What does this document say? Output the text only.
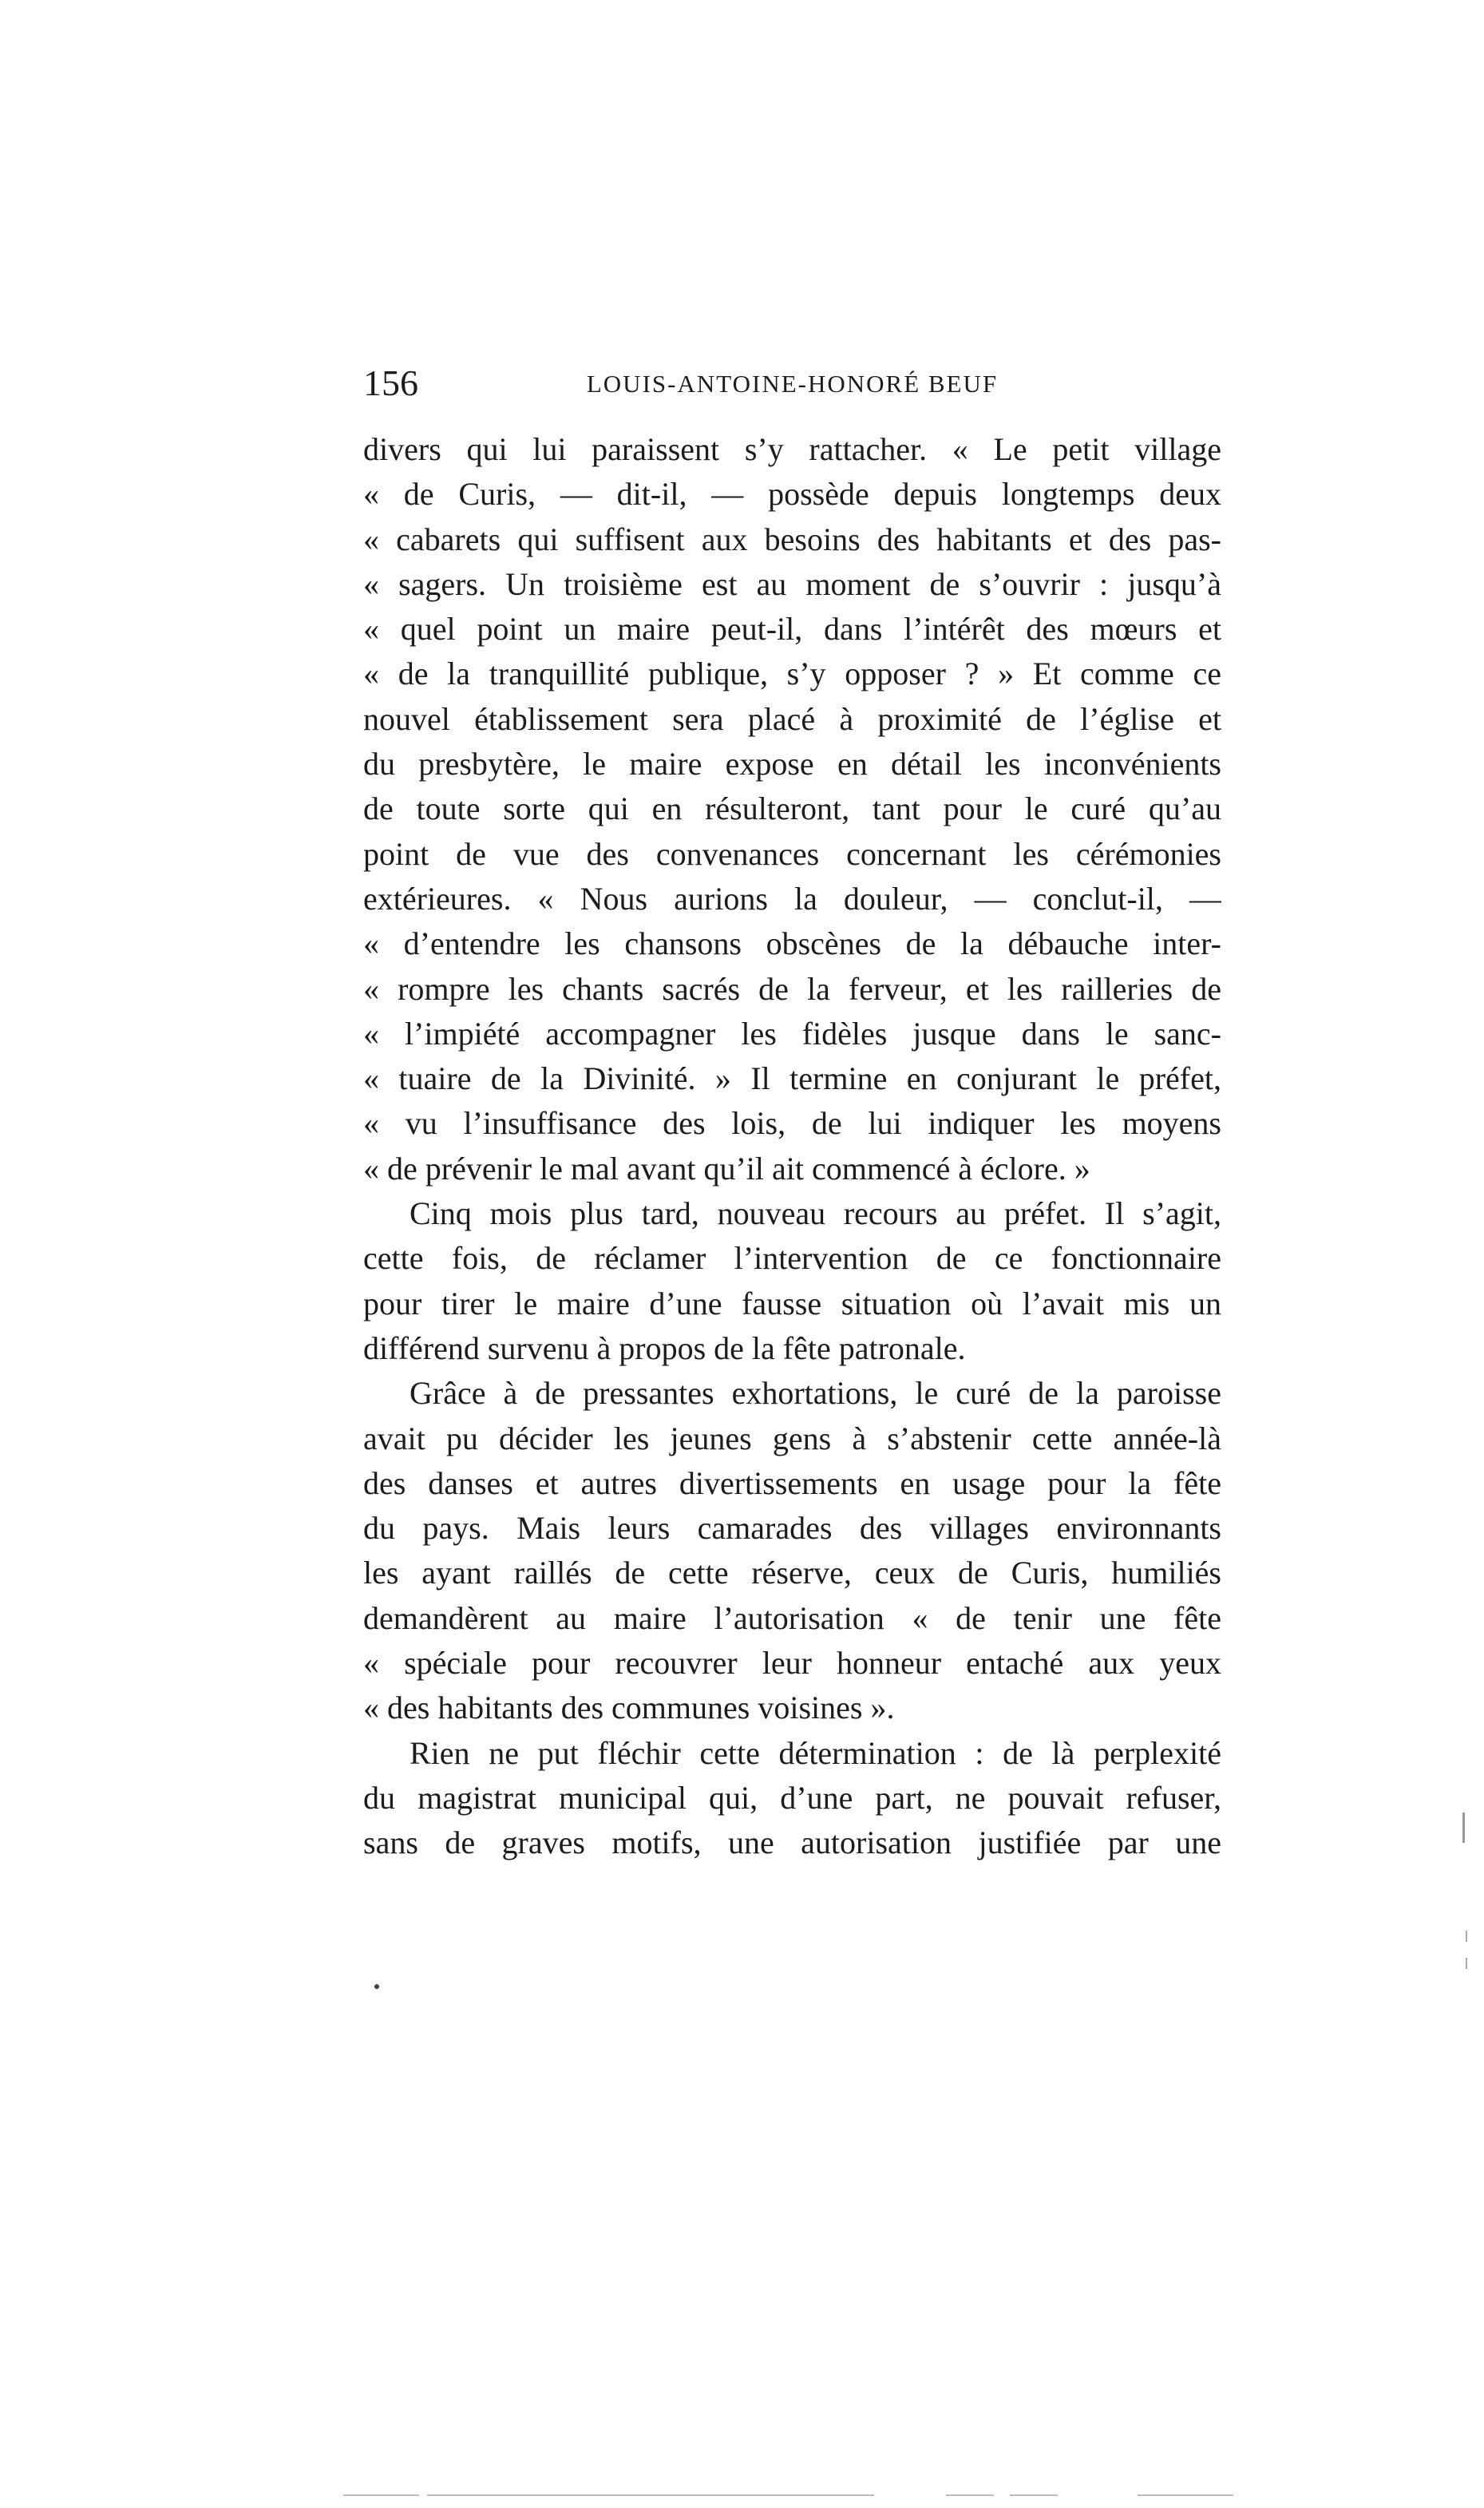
156	LOUIS-ANTOINE-HONORÉ BEUF
divers qui lui paraissent s’y rattacher. « Le petit village
« de Curis, — dit-il, — possède depuis longtemps deux
« cabarets qui suffisent aux besoins des habitants et des pas-
« sagers. Un troisième est au moment de s’ouvrir : jusqu’à
« quel point un maire peut-il, dans l’intérêt des mœurs et
« de la tranquillité publique, s’y opposer ? » Et comme ce
nouvel établissement sera placé à proximité de l’église et
du presbytère, le maire expose en détail les inconvénients
de toute sorte qui en résulteront, tant pour le curé qu’au
point de vue des convenances concernant les cérémonies
extérieures. « Nous aurions la douleur, — conclut-il, —
« d’entendre les chansons obscènes de la débauche inter-
« rompre les chants sacrés de la ferveur, et les railleries de
« l’impiété accompagner les fidèles jusque dans le sanc-
« tuaire de la Divinité. » Il termine en conjurant le préfet,
« vu l’insuffisance des lois, de lui indiquer les moyens
« de prévenir le mal avant qu’il ait commencé à éclore. »
Cinq mois plus tard, nouveau recours au préfet. Il s’agit,
cette fois, de réclamer l’intervention de ce fonctionnaire
pour tirer le maire d’une fausse situation où l’avait mis un
différend survenu à propos de la fête patronale.
Grâce à de pressantes exhortations, le curé de la paroisse
avait pu décider les jeunes gens à s’abstenir cette année-là
des danses et autres divertissements en usage pour la fête
du pays. Mais leurs camarades des villages environnants
les ayant raillés de cette réserve, ceux de Curis, humiliés
demandèrent au maire l’autorisation « de tenir une fête
« spéciale pour recouvrer leur honneur entaché aux yeux
« des habitants des communes voisines ».
Rien ne put fléchir cette détermination : de là perplexité
du magistrat municipal qui, d’une part, ne pouvait refuser,
sans de graves motifs, une autorisation justifiée par une
